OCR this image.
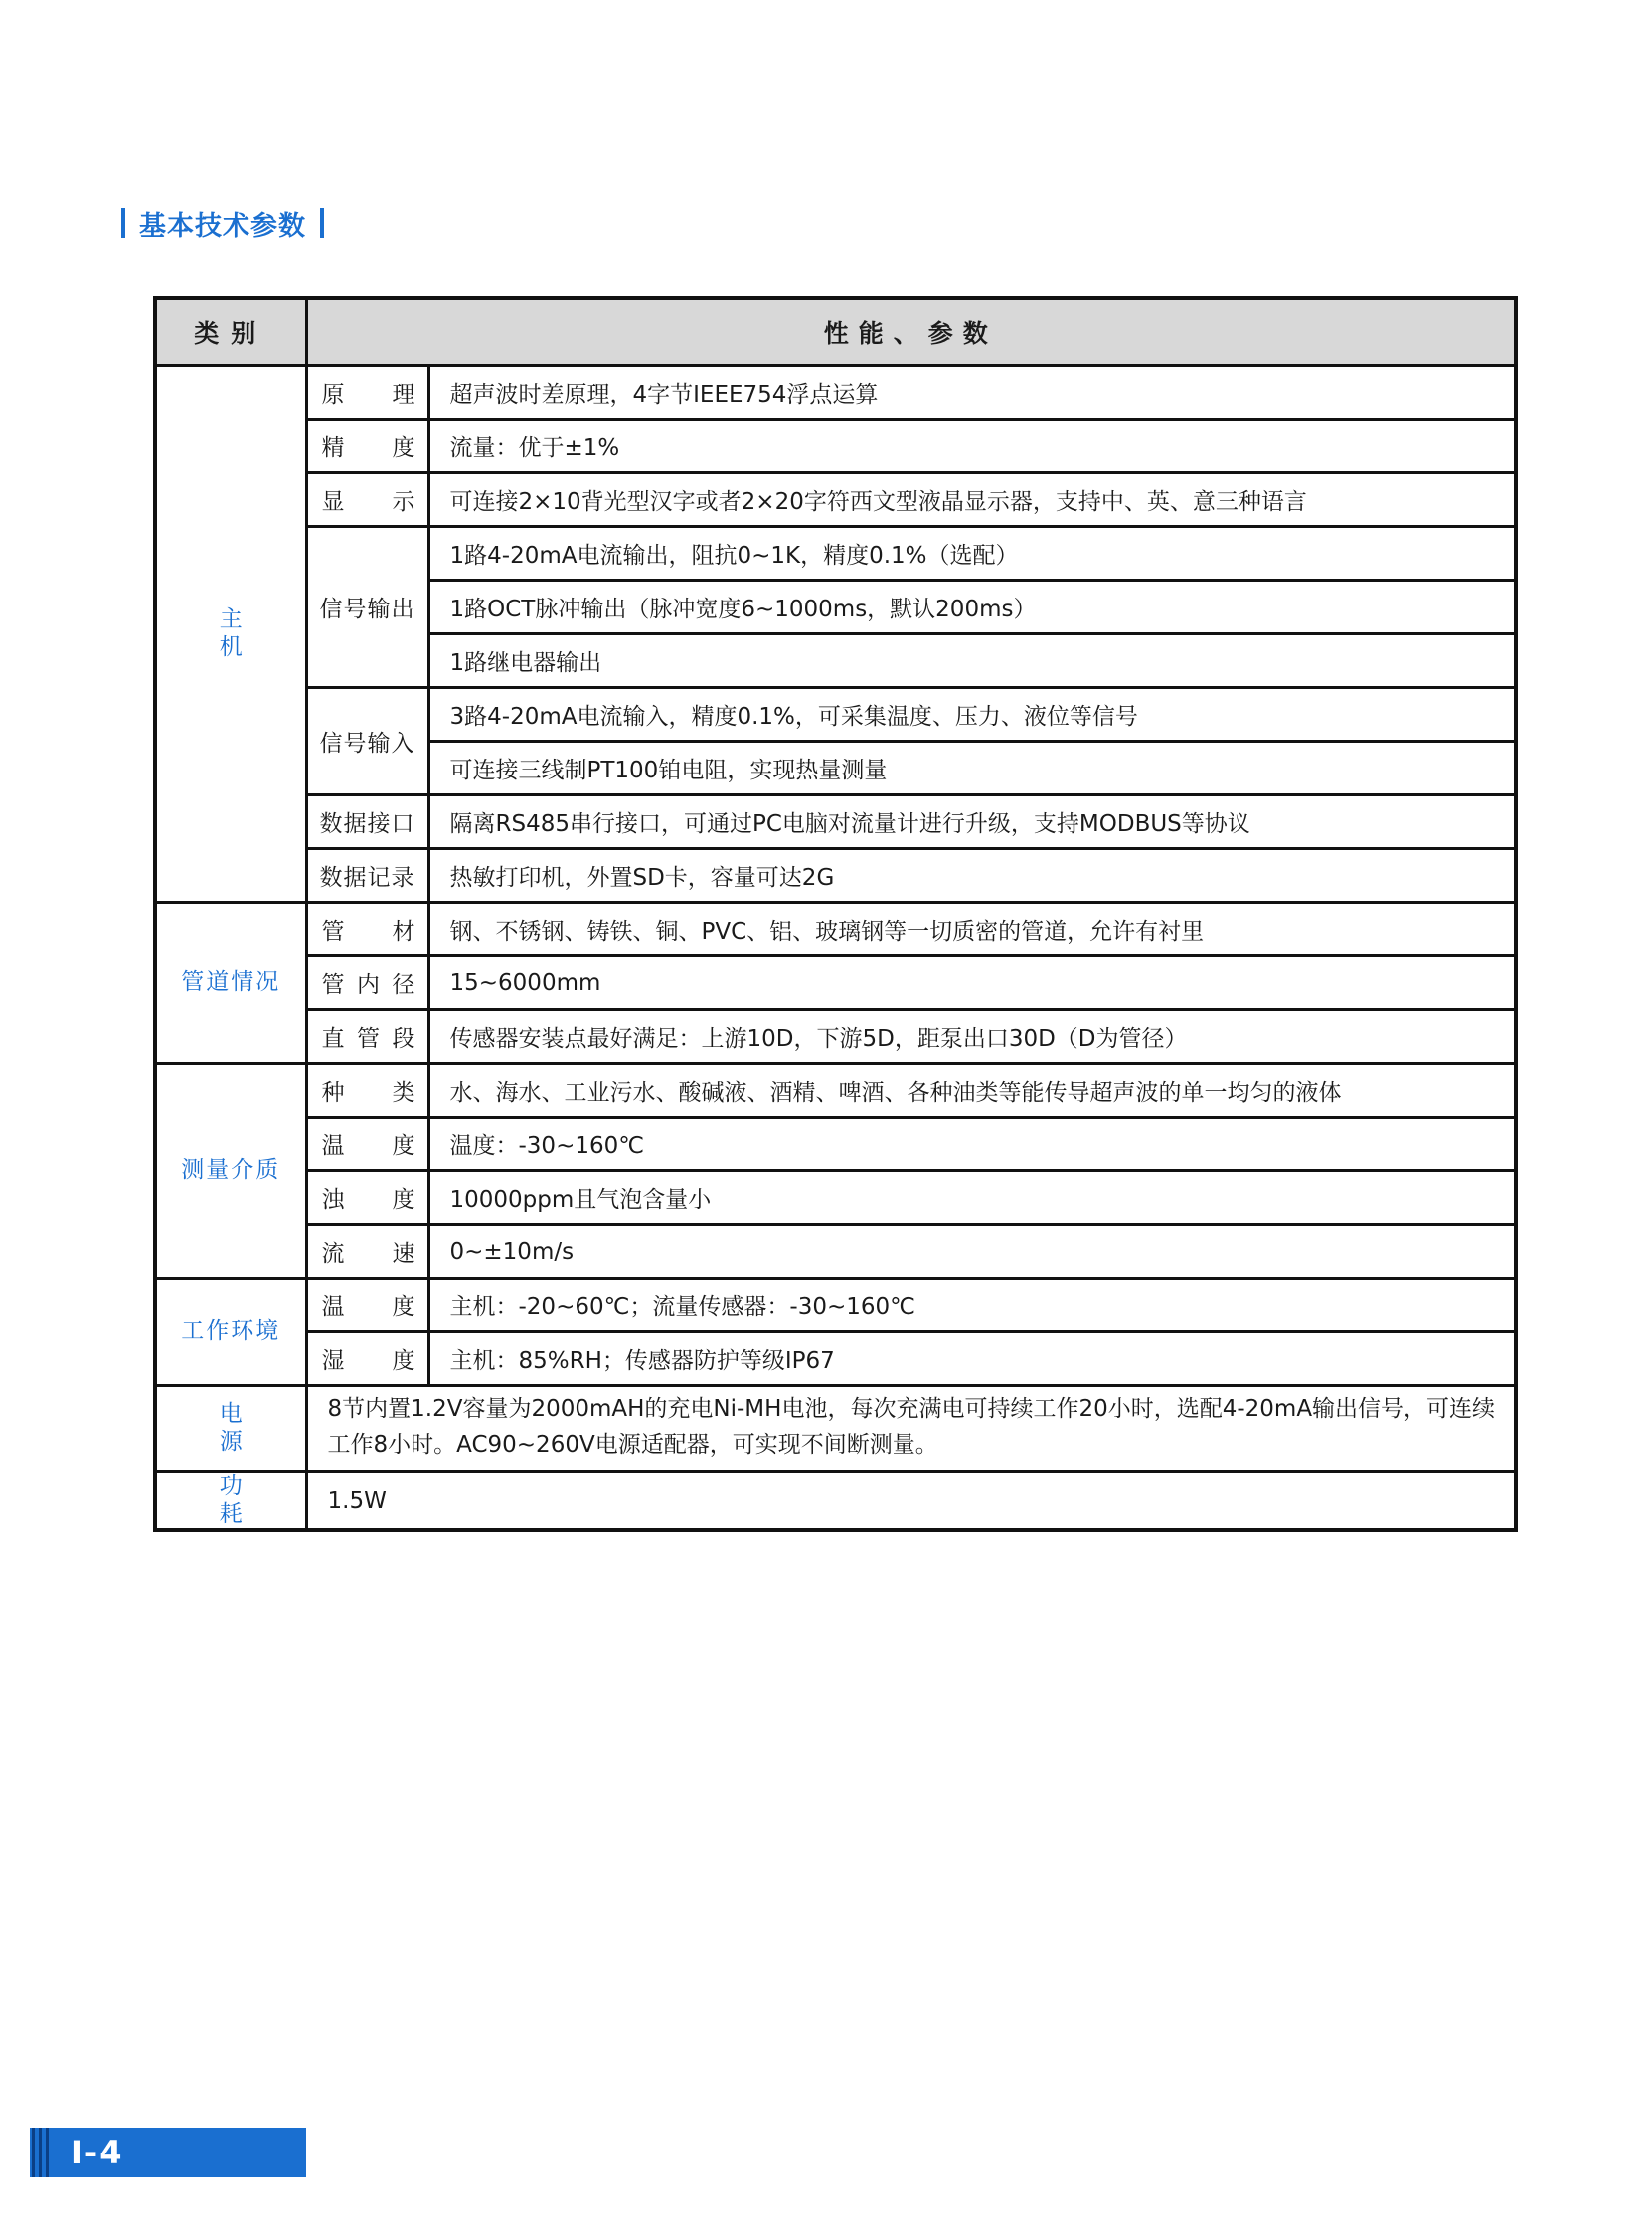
基本技术参数
类别	性能、参数	
主机	原理	超声波时差原理，4字节IEEE754浮点运算
	精度	流量：优于±1%
	显示	可连接2×10背光型汉字或者2×20字符西文型液晶显示器，支持中、英、意三种语言
	信号输出	1路4-20mA电流输出，阻抗0~1K，精度0.1%（选配）
		1路OCT脉冲输出（脉冲宽度6~1000ms，默认200ms）
		1路继电器输出
	信号输入	3路4-20mA电流输入，精度0.1%，可采集温度、压力、液位等信号
		可连接三线制PT100铂电阻，实现热量测量
	数据接口	隔离RS485串行接口，可通过PC电脑对流量计进行升级，支持MODBUS等协议
	数据记录	热敏打印机，外置SD卡，容量可达2G
管道情况	管材	钢、不锈钢、铸铁、铜、PVC、铝、玻璃钢等一切质密的管道，允许有衬里
	管内径	15~6000mm
	直管段	传感器安装点最好满足：上游10D，下游5D，距泵出口30D（D为管径）
测量介质	种类	水、海水、工业污水、酸碱液、酒精、啤酒、各种油类等能传导超声波的单一均匀的液体
	温度	温度：-30~160℃
	浊度	10000ppm且气泡含量小
	流速	0~±10m/s
工作环境	温度	主机：-20~60℃；流量传感器：-30~160℃
	湿度	主机：85%RH；传感器防护等级IP67
电源	8节内置1.2V容量为2000mAH的充电Ni-MH电池，每次充满电可持续工作20小时，选配4-20mA输出信号，可连续工作8小时。AC90~260V电源适配器，可实现不间断测量。	
功耗	1.5W	
I-4
